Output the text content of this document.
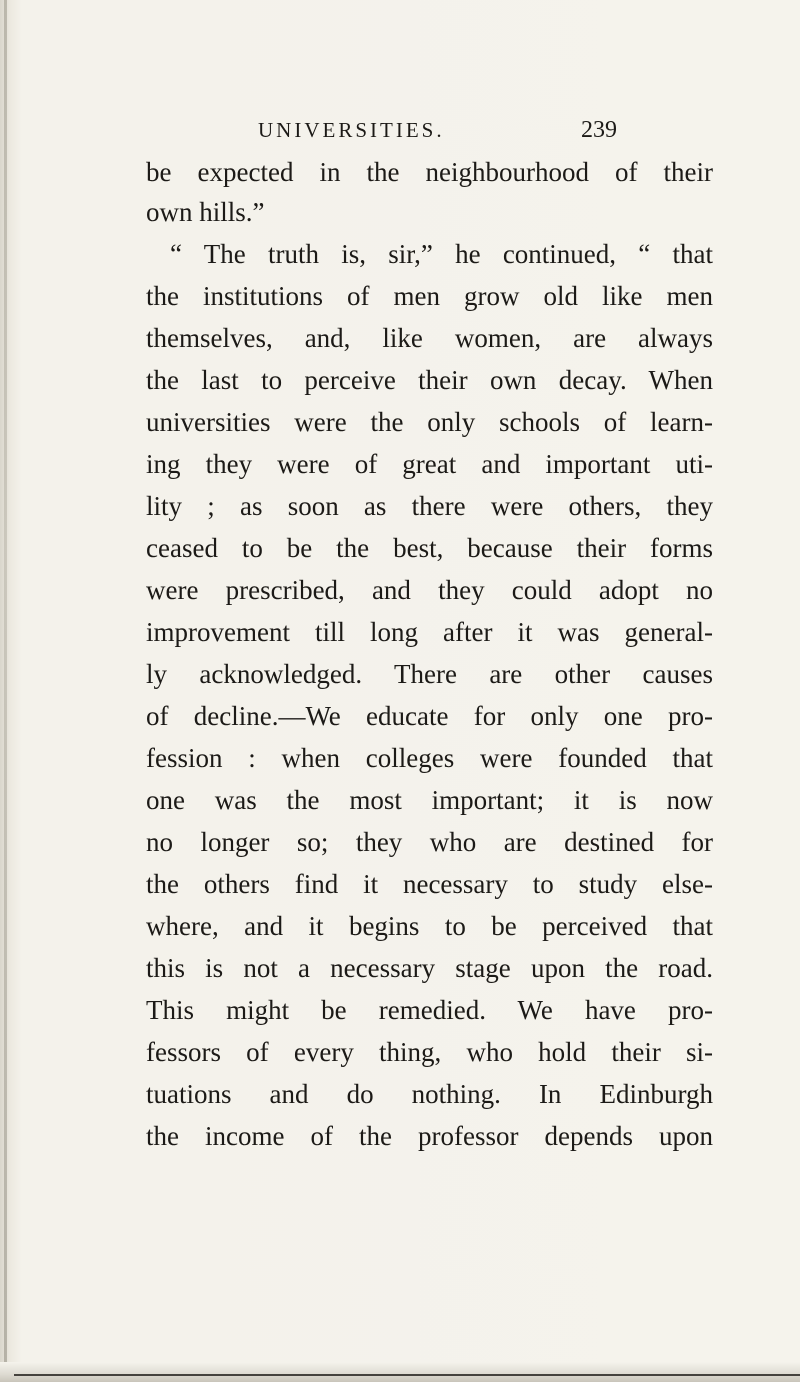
UNIVERSITIES.	239

be expected in the neighbourhood of their

own hills.”

“ The truth is, sir,” he continued, “ that

the institutions of men grow old like men

themselves, and, like women, are always

the last to perceive their own decay. When

universities were the only schools of learn-

ing they were of great and important uti-

lity ; as soon as there were others, they

ceased to be the best, because their forms

were prescribed, and they could adopt no

improvement till long after it was general-

ly acknowledged. There are other causes

of decline.—We educate for only one pro-

fession : when colleges were founded that

one was the most important; it is now

no longer so; they who are destined for

the others find it necessary to study else-

where, and it begins to be perceived that

this is not a necessary stage upon the road.

This might be remedied. We have pro-

fessors of every thing, who hold their si-

tuations and do nothing. In Edinburgh

the income of the professor depends upon
